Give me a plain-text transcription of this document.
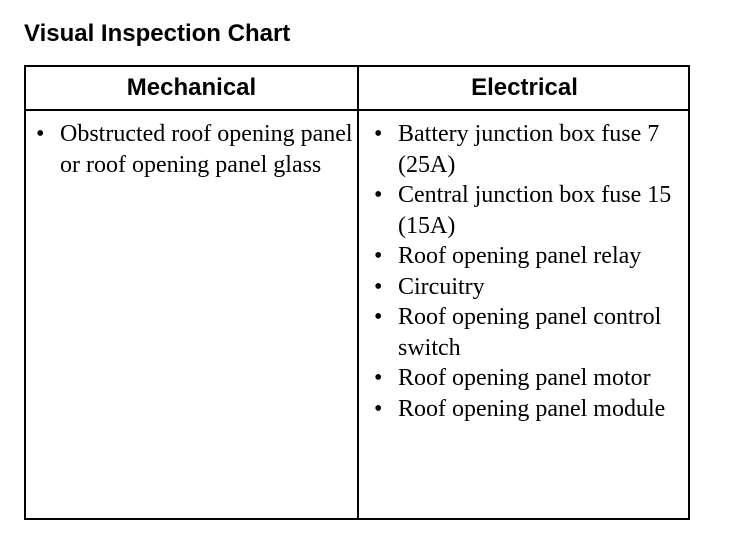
Visual Inspection Chart
Mechanical	Electrical
• Obstructed roof opening panel or roof opening panel glass
• Battery junction box fuse 7 (25A)
• Central junction box fuse 15 (15A)
• Roof opening panel relay
• Circuitry
• Roof opening panel control switch
• Roof opening panel motor
• Roof opening panel module
